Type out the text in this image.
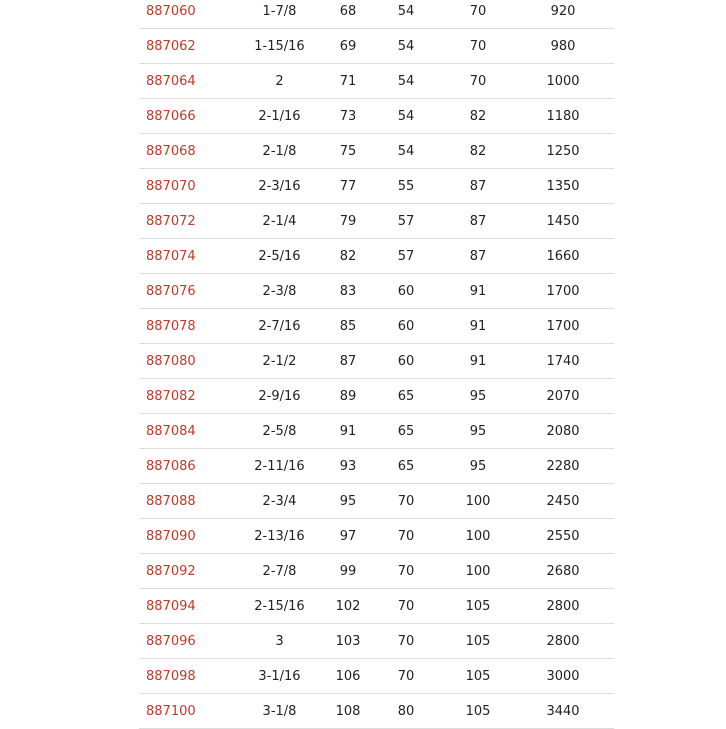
887060	1-7/8	68	54	70	920
887062	1-15/16	69	54	70	980
887064	2	71	54	70	1000
887066	2-1/16	73	54	82	1180
887068	2-1/8	75	54	82	1250
887070	2-3/16	77	55	87	1350
887072	2-1/4	79	57	87	1450
887074	2-5/16	82	57	87	1660
887076	2-3/8	83	60	91	1700
887078	2-7/16	85	60	91	1700
887080	2-1/2	87	60	91	1740
887082	2-9/16	89	65	95	2070
887084	2-5/8	91	65	95	2080
887086	2-11/16	93	65	95	2280
887088	2-3/4	95	70	100	2450
887090	2-13/16	97	70	100	2550
887092	2-7/8	99	70	100	2680
887094	2-15/16	102	70	105	2800
887096	3	103	70	105	2800
887098	3-1/16	106	70	105	3000
887100	3-1/8	108	80	105	3440
